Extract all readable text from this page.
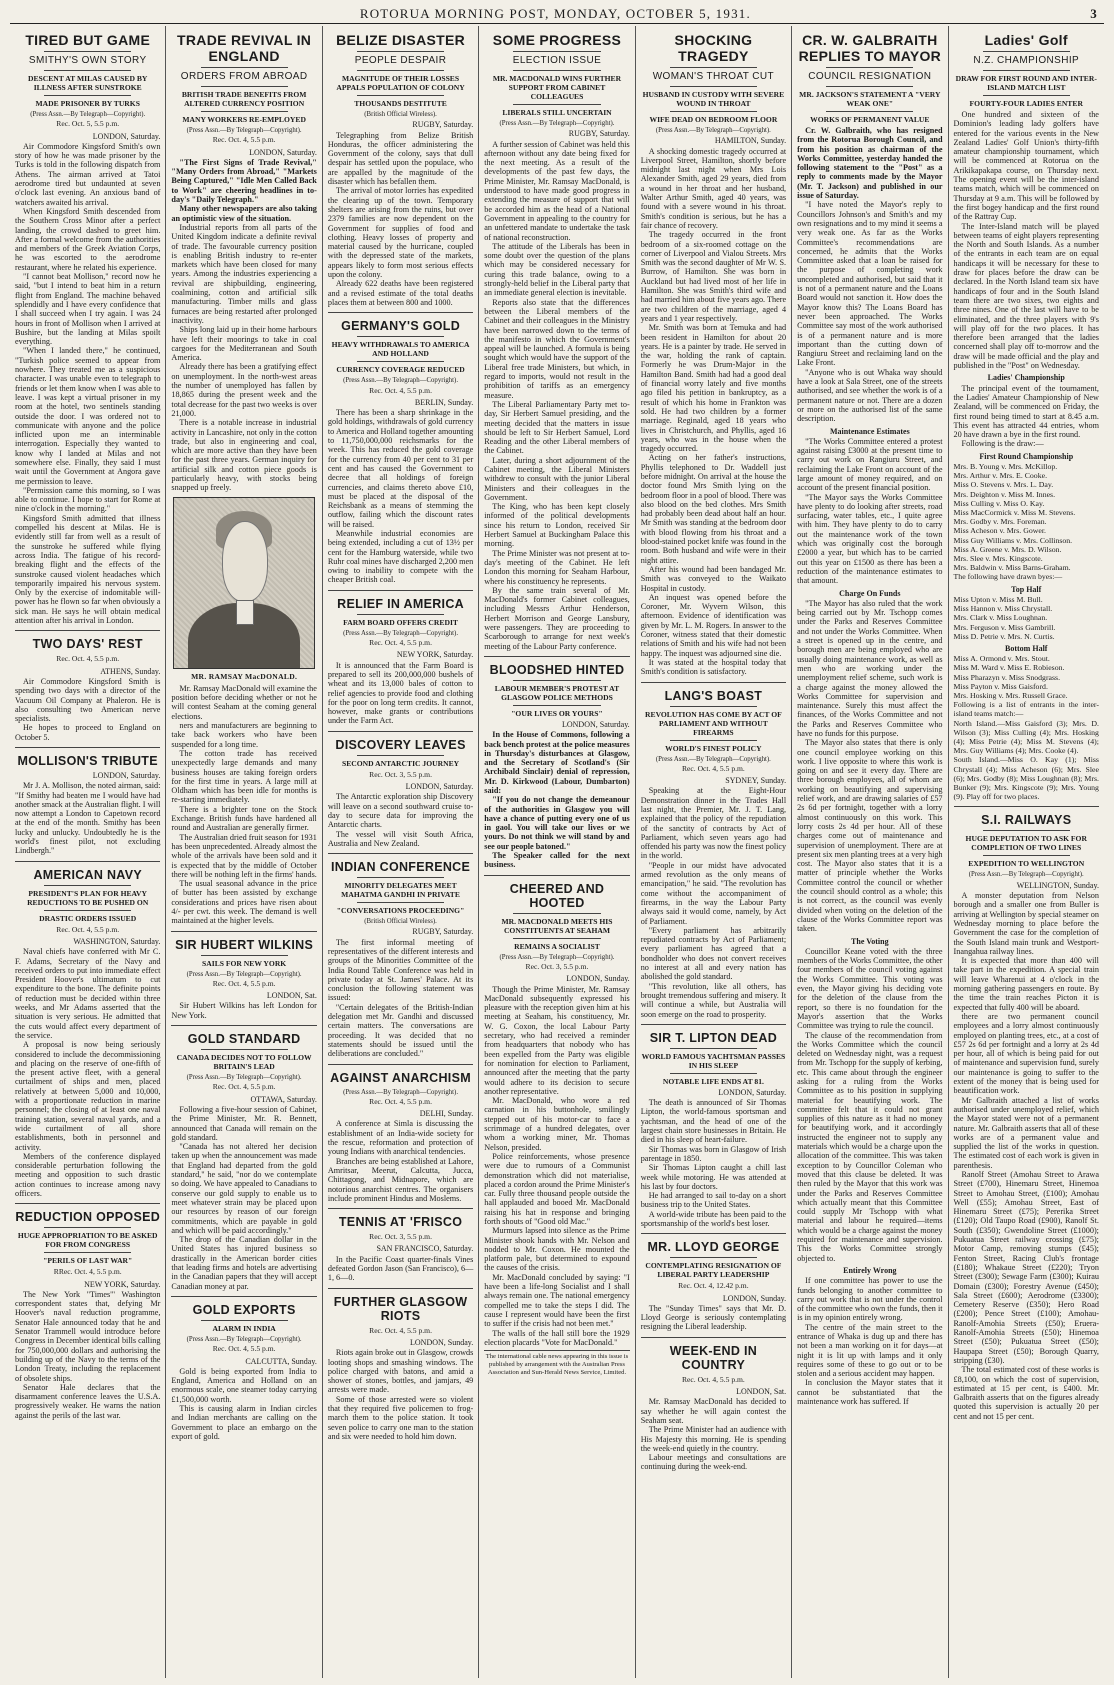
ROTORUA MORNING POST, MONDAY, OCTOBER 5, 1931.	3
TIRED BUT GAME
SMITHY'S OWN STORY
DESCENT AT MILAS CAUSED BY ILLNESS AFTER SUNSTROKE
MADE PRISONER BY TURKS
(Press Assn.—By Telegraph—Copyright).
Rec. Oct. 5, 5.5 p.m.
LONDON, Saturday.

Air Commodore Kingsford Smith's own story of how he was made prisoner by the Turks is told in the following dispatch from Athens. The airman arrived at Tatoi aerodrome tired but undaunted at seven o'clock last evening. An anxious band of watchers awaited his arrival.

When Kingsford Smith descended from the Southern Cross Minor after a perfect landing, the crowd dashed to greet him. After a formal welcome from the authorities and members of the Greek Aviation Corps, he was escorted to the aerodrome restaurant, where he related his experience.

"I cannot beat Mollison," record now he said, "but I intend to beat him in a return flight from England. The machine behaved splendidly and I have every confidence that I shall succeed when I try again. I was 24 hours in front of Mollison when I arrived at Bushire, but the landing at Milas spoilt everything.

"When I landed there," he continued, "Turkish police seemed to appear from nowhere. They treated me as a suspicious character. I was unable even to telegraph to friends or let them know when I was able to leave. I was kept a virtual prisoner in my room at the hotel, two sentinels standing outside the door. I was ordered not to communicate with anyone and the police inflicted upon me an interminable interrogation. Especially they wanted to know why I landed at Milas and not somewhere else. Finally, they said I must wait until the Government at Angora gave me permission to leave.

"Permission came this morning, so I was able to continue. I hope to start for Rome at nine o'clock in the morning."

Kingsford Smith admitted that illness compelled his descent at Milas. He is evidently still far from well as a result of the sunstroke he suffered while flying across India. The fatigue of his record-breaking flight and the effects of the sunstroke caused violent headaches which temporarily impaired his nervous system. Only by the exercise of indomitable will-power has he flown so far when obviously a sick man. He says he will obtain medical attention after his arrival in London.

TWO DAYS' REST
Rec. Oct. 4, 5.5 p.m.
ATHENS, Sunday.

Air Commodore Kingsford Smith is spending two days with a director of the Vacuum Oil Company at Phaleron. He is also consulting two American nerve specialists.

He hopes to proceed to England on October 5.

MOLLISON'S TRIBUTE
LONDON, Saturday.

Mr J. A. Mollison, the noted airman, said: "If Smithy had beaten me I would have had another smack at the Australian flight. I will now attempt a London to Capetown record at the end of the month. Smithy has been lucky and unlucky. Undoubtedly he is the world's finest pilot, not excluding Lindbergh."

AMERICAN NAVY
PRESIDENT'S PLAN FOR HEAVY REDUCTIONS TO BE PUSHED ON
DRASTIC ORDERS ISSUED
Rec. Oct. 4, 5.5 p.m.
WASHINGTON, Saturday.

Naval chiefs have conferred with Mr C. F. Adams, Secretary of the Navy and received orders to put into immediate effect President Hoover's ultimatum to cut expenditure to the bone. The definite points of reduction must be decided within three weeks, and Mr Adams asserted that the situation is very serious. He admitted that the cuts would affect every department of the service.

A proposal is now being seriously considered to include the decommissioning and placing on the reserve of one-fifth of the present active fleet, with a general curtailment of ships and men, placed relatively at between 5,000 and 10,000, with a proportionate reduction in marine personnel; the closing of at least one naval training station, several naval yards, and a wide curtailment of all shore establishments, both in personnel and activity.

Members of the conference displayed considerable perturbation following the meeting and opposition to such drastic action continues to increase among navy officers.

REDUCTION OPPOSED
HUGE APPROPRIATION TO BE ASKED FOR FROM CONGRESS
"PERILS OF LAST WAR"
RRec. Oct. 4, 5.5 p.m.
NEW YORK, Saturday.

The New York "Times'" Washington correspondent states that, defying Mr Hoover's naval reduction programme, Senator Hale announced today that he and Senator Trammell would introduce before Congress in December identical bills calling for 750,000,000 dollars and authorising the building up of the Navy to the terms of the London Treaty, including the replacement of obsolete ships.

Senator Hale declares that the disarmament conference leaves the U.S.A. progressively weaker. He warns the nation against the perils of the last war.

TRADE REVIVAL IN ENGLAND
ORDERS FROM ABROAD
BRITISH TRADE BENEFITS FROM ALTERED CURRENCY POSITION
MANY WORKERS RE-EMPLOYED
(Press Assn.—By Telegraph—Copyright).
Rec. Oct. 4, 5.5 p.m.
LONDON, Saturday.

"The First Signs of Trade Revival," "Many Orders from Abroad," "Markets Being Captured," "Idle Men Called Back to Work" are cheering headlines in to-day's "Daily Telegraph."

Many other newspapers are also taking an optimistic view of the situation.

Industrial reports from all parts of the United Kingdom indicate a definite revival of trade. The favourable currency position is enabling British industry to re-enter markets which have been closed for many years. Among the industries experiencing a revival are shipbuilding, engineering, coalmining, cotton and artificial silk manufacturing. Timber mills and glass furnaces are being restarted after prolonged inactivity.

Ships long laid up in their home harbours have left their moorings to take in coal cargoes for the Mediterranean and South America.

Already there has been a gratifying effect on unemployment. In the north-west areas the number of unemployed has fallen by 18,865 during the present week and the total decrease for the past two weeks is over 21,000.

There is a notable increase in industrial activity in Lancashire, not only in the cotton trade, but also in engineering and coal, which are more active than they have been for the past three years. German inquiry for artificial silk and cotton piece goods is particularly heavy, with stocks being snapped up freely.

MR. RAMSAY MacDONALD.

Mr. Ramsay MacDonald will examine the position before deciding whether or not he will contest Seaham at the coming general elections.

ners and manufacturers are beginning to take back workers who have been suspended for a long time.

The cotton trade has received unexpectedly large demands and many business houses are taking foreign orders for the first time in years. A large mill at Oldham which has been idle for months is re-starting immediately.

There is a brighter tone on the Stock Exchange. British funds have hardened all round and Australian are generally firmer.

The Australian dried fruit season for 1931 has been unprecedented. Already almost the whole of the arrivals have been sold and it is expected that by the middle of October there will be nothing left in the firms' hands.

The usual seasonal advance in the price of butter has been assisted by exchange considerations and prices have risen about 4/- per cwt. this week. The demand is well maintained at the higher levels.

SIR HUBERT WILKINS
SAILS FOR NEW YORK
(Press Assn.—By Telegraph—Copyright).
Rec. Oct. 4, 5.5 p.m.
LONDON, Sat.

Sir Hubert Wilkins has left London for New York.

GOLD STANDARD
CANADA DECIDES NOT TO FOLLOW BRITAIN'S LEAD
(Press Assn.—By Telegraph—Copyright).
Rec. Oct. 4, 5.5 p.m.
OTTAWA, Saturday.

Following a five-hour session of Cabinet, the Prime Minister, Mr. R. Bennett, announced that Canada will remain on the gold standard.

"Canada has not altered her decision taken up when the announcement was made that England had departed from the gold standard," he said, "nor do we contemplate so doing. We have appealed to Canadians to conserve our gold supply to enable us to meet whatever strain may be placed upon our resources by reason of our foreign commitments, which are payable in gold and which will be paid accordingly."

The drop of the Canadian dollar in the United States has injured business so drastically in the American border cities that leading firms and hotels are advertising in the Canadian papers that they will accept Canadian money at par.

GOLD EXPORTS
ALARM IN INDIA
(Press Assn.—By Telegraph—Copyright).
Rec. Oct. 4, 5.5 p.m.
CALCUTTA, Sunday.

Gold is being exported from India to England, America and Holland on an enormous scale, one steamer today carrying £1,500,000 worth.

This is causing alarm in Indian circles and Indian merchants are calling on the Government to place an embargo on the export of gold.

BELIZE DISASTER
PEOPLE DESPAIR
MAGNITUDE OF THEIR LOSSES APPALS POPULATION OF COLONY
THOUSANDS DESTITUTE
(British Official Wireless).
RUGBY, Saturday.

Telegraphing from Belize British Honduras, the officer administering the Government of the colony, says that dull despair has settled upon the populace, who are appalled by the magnitude of the disaster which has befallen them.

The arrival of motor lorries has expedited the clearing up of the town. Temporary shelters are arising from the ruins, but over 2379 families are now dependent on the Government for supplies of food and clothing. Heavy losses of property and material caused by the hurricane, coupled with the depressed state of the markets, appears likely to form most serious effects upon the colony.

Already 622 deaths have been registered and a revised estimate of the total deaths places them at between 800 and 1000.

GERMANY'S GOLD
HEAVY WITHDRAWALS TO AMERICA AND HOLLAND
CURRENCY COVERAGE REDUCED
(Press Assn.—By Telegraph—Copyright).
Rec. Oct. 4, 5.5 p.m.
BERLIN, Sunday.

There has been a sharp shrinkage in the gold holdings, withdrawals of gold currency to America and Holland together amounting to 11,750,000,000 reichsmarks for the week. This has reduced the gold coverage for the currency from 40 per cent to 31 per cent and has caused the Government to decree that all holdings of foreign currencies, and claims thereto above £10, must be placed at the disposal of the Reichsbank as a means of stemming the outflow, failing which the discount rates will be raised.

Meanwhile industrial economies are being extended, including a cut of 13½ per cent for the Hamburg waterside, while two Ruhr coal mines have discharged 2,200 men owing to inability to compete with the cheaper British coal.

RELIEF IN AMERICA
FARM BOARD OFFERS CREDIT
(Press Assn.—By Telegraph—Copyright).
Rec. Oct. 4, 5.5 p.m.
NEW YORK, Saturday.

It is announced that the Farm Board is prepared to sell its 200,000,000 bushels of wheat and its 13,000 bales of cotton to relief agencies to provide food and clothing for the poor on long term credits. It cannot, however, make grants or contributions under the Farm Act.

DISCOVERY LEAVES
SECOND ANTARCTIC JOURNEY
Rec. Oct. 3, 5.5 p.m.
LONDON, Saturday.

The Antarctic exploration ship Discovery will leave on a second southward cruise to-day to secure data for improving the Antarctic charts.

The vessel will visit South Africa, Australia and New Zealand.

INDIAN CONFERENCE
MINORITY DELEGATES MEET MAHATMA GANDHI IN PRIVATE
"CONVERSATIONS PROCEEDING"
(British Official Wireless).
RUGBY, Saturday.

The first informal meeting of representatives of the different interests and groups of the Minorities Committee of the India Round Table Conference was held in private today at St. James' Palace. At its conclusion the following statement was issued:

"Certain delegates of the British-Indian delegation met Mr. Gandhi and discussed certain matters. The conversations are proceeding. It was decided that no statements should be issued until the deliberations are concluded."

AGAINST ANARCHISM
(Press Assn.—By Telegraph—Copyright).
Rec. Oct. 4, 5.5 p.m.
DELHI, Sunday.

A conference at Simla is discussing the establishment of an India-wide society for the rescue, reformation and protection of young Indians with anarchical tendencies.

Branches are being established at Lahore, Amritsar, Meerut, Calcutta, Jucca, Chittagong, and Midnapore, which are notorious anarchist centres. The organisers include prominent Hindus and Moslems.

TENNIS AT 'FRISCO
Rec. Oct. 3, 5.5 p.m.
SAN FRANCISCO, Saturday.

In the Pacific Coast quarter-finals Vines defeated Gordon Jason (San Francisco), 6—1, 6—0.

FURTHER GLASGOW RIOTS
Rec. Oct. 4, 5.5 p.m.
LONDON, Sunday.

Riots again broke out in Glasgow, crowds looting shops and smashing windows. The police charged with batons, and amid a shower of stones, bottles, and jamjars, 49 arrests were made.

Some of those arrested were so violent that they required five policemen to frog-march them to the police station. It took seven police to carry one man to the station and six were needed to hold him down.

SOME PROGRESS
ELECTION ISSUE
MR. MACDONALD WINS FURTHER SUPPORT FROM CABINET COLLEAGUES
LIBERALS STILL UNCERTAIN
(Press Assn.—By Telegraph—Copyright).
RUGBY, Saturday.

A further session of Cabinet was held this afternoon without any date being fixed for the next meeting. As a result of the developments of the past few days, the Prime Minister, Mr. Ramsay MacDonald, is understood to have made good progress in extending the measure of support that will be accorded him as the head of a National Government in appealing to the country for an unfettered mandate to undertake the task of national reconstruction.

The attitude of the Liberals has been in some doubt over the question of the plans which may be considered necessary for curing this trade balance, owing to a strongly-held belief in the Liberal party that an immediate general election is inevitable.

Reports also state that the differences between the Liberal members of the Cabinet and their colleagues in the Ministry have been narrowed down to the terms of the manifesto in which the Government's appeal will be launched. A formula is being sought which would have the support of the Liberal free trade Ministers, but which, in regard to imports, would not result in the prohibition of tariffs as an emergency measure.

The Liberal Parliamentary Party met to-day, Sir Herbert Samuel presiding, and the meeting decided that the matters in issue should be left to Sir Herbert Samuel, Lord Reading and the other Liberal members of the Cabinet.

Later, during a short adjournment of the Cabinet meeting, the Liberal Ministers withdrew to consult with the junior Liberal Ministers and their colleagues in the Government.

The King, who has been kept closely informed of the political developments since his return to London, received Sir Herbert Samuel at Buckingham Palace this morning.

The Prime Minister was not present at to-day's meeting of the Cabinet. He left London this morning for Seaham Harbour, where his constituency he represents.

By the same train several of Mr. MacDonald's former Cabinet colleagues, including Messrs Arthur Henderson, Herbert Morrison and George Lansbury, were passengers. They are proceeding to Scarborough to arrange for next week's meeting of the Labour Party conference.

BLOODSHED HINTED
LABOUR MEMBER'S PROTEST AT GLASGOW POLICE METHODS
"OUR LIVES OR YOURS"
LONDON, Saturday.

In the House of Commons, following a back bench protest at the police measures in Thursday's disturbances at Glasgow, and the Secretary of Scotland's (Sir Archibald Sinclair) denial of repression, Mr. D. Kirkwood (Labour, Dumbarton) said:

"If you do not change the demeanour of the authorities in Glasgow you will have a chance of putting every one of us in gaol. You will take our lives or we yours. Do not think we will stand by and see our people batoned."

The Speaker called for the next business.

CHEERED AND HOOTED
MR. MACDONALD MEETS HIS CONSTITUENTS AT SEAHAM
REMAINS A SOCIALIST
(Press Assn.—By Telegraph—Copyright).
Rec. Oct. 3, 5.5 p.m.
LONDON, Sunday.

Though the Prime Minister, Mr. Ramsay MacDonald subsequently expressed his pleasure with the reception given him at his meeting at Seaham, his constituency, Mr. W. G. Coxon, the local Labour Party secretary, who had received a reminder from headquarters that nobody who has been expelled from the Party was eligible for nomination for election to Parliament, announced after the meeting that the party would adhere to its decision to secure another representative.

Mr. MacDonald, who wore a red carnation in his buttonhole, smilingly stepped out of his motor-car to face a scrimmage of a hundred delegates, over whom a working miner, Mr. Thomas Nelson, presided.

Police reinforcements, whose presence were due to rumours of a Communist demonstration which did not materialise, placed a cordon around the Prime Minister's car. Fully three thousand people outside the hall applauded and booed Mr. MacDonald raising his hat in response and bringing forth shouts of "Good old Mac."

Murmurs lapsed into silence as the Prime Minister shook hands with Mr. Nelson and nodded to Mr. Coxon. He mounted the platform pale, but determined to expound the causes of the crisis.

Mr. MacDonald concluded by saying: "I have been a life-long Socialist and I shall always remain one. The national emergency compelled me to take the steps I did. The cause I represent would have been the first to suffer if the crisis had not been met."

The walls of the hall still bore the 1929 election placards "Vote for MacDonald."

The international cable news appearing in this issue is published by arrangement with the Australian Press Association and Sun-Herald News Service, Limited.
SHOCKING TRAGEDY
WOMAN'S THROAT CUT
HUSBAND IN CUSTODY WITH SEVERE WOUND IN THROAT
WIFE DEAD ON BEDROOM FLOOR
(Press Assn.—By Telegraph—Copyright).
HAMILTON, Sunday.

A shocking domestic tragedy occurred at Liverpool Street, Hamilton, shortly before midnight last night when Mrs Lois Alexander Smith, aged 29 years, died from a wound in her throat and her husband, Walter Arthur Smith, aged 40 years, was found with a severe wound in his throat. Smith's condition is serious, but he has a fair chance of recovery.

The tragedy occurred in the front bedroom of a six-roomed cottage on the corner of Liverpool and Vialou Streets. Mrs Smith was the second daughter of Mr W. S. Burrow, of Hamilton. She was born in Auckland but had lived most of her life in Hamilton. She was Smith's third wife and had married him about five years ago. There are two children of the marriage, aged 4 years and 1 year respectively.

Mr. Smith was born at Temuka and had been resident in Hamilton for about 20 years. He is a painter by trade. He served in the war, holding the rank of captain. Formerly he was Drum-Major in the Hamilton Band. Smith had had a good deal of financial worry lately and five months ago filed his petition in bankruptcy, as a result of which his home in Frankton was sold. He had two children by a former marriage. Reginald, aged 18 years who lives in Christchurch, and Phyllis, aged 16 years, who was in the house when the tragedy occurred.

Acting on her father's instructions, Phyllis telephoned to Dr. Waddell just before midnight. On arrival at the house the doctor found Mrs Smith lying on the bedroom floor in a pool of blood. There was also blood on the bed clothes. Mrs Smith had probably been dead about half an hour. Mr Smith was standing at the bedroom door with blood flowing from his throat and a blood-stained pocket knife was found in the room. Both husband and wife were in their night attire.

After his wound had been bandaged Mr. Smith was conveyed to the Waikato Hospital in custody.

An inquest was opened before the Coroner, Mr. Wyvern Wilson, this afternoon. Evidence of identification was given by Mr. L. M. Rogers. In answer to the Coroner, witness stated that their domestic relations of Smith and his wife had not been happy. The inquest was adjourned sine die.

It was stated at the hospital today that Smith's condition is satisfactory.

LANG'S BOAST
REVOLUTION HAS COME BY ACT OF PARLIAMENT AND WITHOUT FIREARMS
WORLD'S FINEST POLICY
(Press Assn.—By Telegraph—Copyright).
Rec. Oct. 4, 5.5 p.m.
SYDNEY, Sunday.

Speaking at the Eight-Hour Demonstration dinner in the Trades Hall last night, the Premier, Mr. J. T. Lang, explained that the policy of the repudiation of the sanctity of contracts by Act of Parliament, which seven years ago had offended his party was now the finest policy in the world.

"People in our midst have advocated armed revolution as the only means of emancipation," he said. "The revolution has come without the accompaniment of firearms, in the way the Labour Party always said it would come, namely, by Act of Parliament.

"Every parliament has arbitrarily repudiated contracts by Act of Parliament; every parliament has agreed that a bondholder who does not convert receives no interest at all and every nation has abolished the gold standard.

"This revolution, like all others, has brought tremendous suffering and misery. It will continue a while, but Australia will soon emerge on the road to prosperity.

SIR T. LIPTON DEAD
WORLD FAMOUS YACHTSMAN PASSES IN HIS SLEEP
NOTABLE LIFE ENDS AT 81.
LONDON, Saturday.

The death is announced of Sir Thomas Lipton, the world-famous sportsman and yachtsman, and the head of one of the largest chain store businesses in Britain. He died in his sleep of heart-failure.

Sir Thomas was born in Glasgow of Irish parentage in 1850.

Sir Thomas Lipton caught a chill last week while motoring. He was attended at his last by four doctors.

He had arranged to sail to-day on a short business trip to the United States.

A world-wide tribute has been paid to the sportsmanship of the world's best loser.

MR. LLOYD GEORGE
CONTEMPLATING RESIGNATION OF LIBERAL PARTY LEADERSHIP
Rec. Oct. 4, 12.42 p.m.
LONDON, Sunday.

The "Sunday Times" says that Mr. D. Lloyd George is seriously contemplating resigning the Liberal leadership.

WEEK-END IN COUNTRY
Rec. Oct. 4, 5.5 p.m.
LONDON, Sat.

Mr. Ramsay MacDonald has decided to say whether he will again contest the Seaham seat.

The Prime Minister had an audience with His Majesty this morning. He is spending the week-end quietly in the country.

Labour meetings and consultations are continuing during the week-end.

CR. W. GALBRAITH REPLIES TO MAYOR
COUNCIL RESIGNATION
MR. JACKSON'S STATEMENT A "VERY WEAK ONE"
WORKS OF PERMANENT VALUE

Cr. W. Galbraith, who has resigned from the Rotorua Borough Council, and from his position as chairman of the Works Committee, yesterday handed the following statement to the "Post" as a reply to comments made by the Mayor (Mr. T. Jackson) and published in our issue of Saturday.

"I have noted the Mayor's reply to Councillors Johnson's and Smith's and my own resignations and to my mind it seems a very weak one. As far as the Works Committee's recommendations are concerned, he admits that the Works Committee asked that a loan be raised for the purpose of completing work uncompleted and authorised, but said that it is not of a permanent nature and the Loans Board would not sanction it. How does the Mayor know this? The Loans Board has never been approached. The Works Committee say most of the work authorised is of a permanent nature and is more important than the cutting down of Rangiuru Street and reclaiming land on the Lake Front.

"Anyone who is out Whaka way should have a look at Sala Street, one of the streets authorised, and see whether the work is of a permanent nature or not. There are a dozen or more on the authorised list of the same description.

Maintenance Estimates

"The Works Committee entered a protest against raising £3000 at the present time to carry out work on Rangiuru Street, and reclaiming the Lake Front on account of the large amount of money required, and on account of the present financial position.

"The Mayor says the Works Committee have plenty to do looking after streets, road surfacing, water tables, etc., I quite agree with him. They have plenty to do to carry out the maintenance work of the town which was originally cost the borough £2000 a year, but which has to be carried out this year on £1500 as there has been a reduction of the maintenance estimates to that amount.

Charge On Funds

"The Mayor has also ruled that the work being carried out by Mr. Tschopp comes under the Parks and Reserves Committee and not under the Works Committee. When a street is opened up in the centre, and borough men are being employed who are usually doing maintenance work, as well as men who are working under the unemployment relief scheme, such work is a charge against the money allowed the Works Committee for supervision and maintenance. Surely this must affect the finances, of the Works Committee and not the Parks and Reserves Committee who have no funds for this purpose.

The Mayor also states that there is only one council employee working on this work. I live opposite to where this work is going on and see it every day. There are three borough employees, all of whom are working on beautifying and supervising relief work, and are drawing salaries of £57 2s 6d per fortnight, together with a lorry almost continuously on this work. This lorry costs 2s 4d per hour. All of these charges come out of maintenance and supervision of unemployment. There are at present six men planting trees at a very high cost. The Mayor also states that it is a matter of principle whether the Works Committee control the council or whether the council should control as a whole; this is not correct, as the council was evenly divided when voting on the deletion of the clause of the Works Committee report was taken.

The Voting

Councillor Keane voted with the three members of the Works Committee, the other four members of the council voting against the Works Committee. This voting was even, the Mayor giving his deciding vote for the deletion of the clause from the report, so there is no foundation for the Mayor's assertion that the Works Committee was trying to rule the council.

The clause of the recommendation from the Works Committee which the council deleted on Wednesday night, was a request from Mr. Tschopp for the supply of kerbing, etc. This came about through the engineer asking for a ruling from the Works Committee as to his position in supplying material for beautifying work. The committee felt that it could not grant supplies of this nature as it had no money for beautifying work, and it accordingly instructed the engineer not to supply any materials which would be a charge upon the allocation of the committee. This was taken exception to by Councillor Coleman who moved that this clause be deleted. It was then ruled by the Mayor that this work was under the Parks and Reserves Committee which actually meant that this Committee could supply Mr Tschopp with what material and labour he required—items which would be a charge against the money required for maintenance and supervision. This the Works Committee strongly objected to.

Entirely Wrong

If one committee has power to use the funds belonging to another committee to carry out work that is not under the control of the committee who own the funds, then it is in my opinion entirely wrong.

The centre of the main street to the entrance of Whaka is dug up and there has not been a man working on it for days—at night it is lit up with lamps and it only requires some of these to go out or to be stolen and a serious accident may happen.

In conclusion the Mayor states that it cannot be substantiated that the maintenance work has suffered. If

Ladies' Golf
N.Z. CHAMPIONSHIP
DRAW FOR FIRST ROUND AND INTER-ISLAND MATCH LIST
FOURTY-FOUR LADIES ENTER

One hundred and sixteen of the Dominion's leading lady golfers have entered for the various events in the New Zealand Ladies' Golf Union's thirty-fifth amateur championship tournament, which will be commenced at Rotorua on the Arikikapakapa course, on Thursday next. The opening event will be the inter-island teams match, which will be commenced on Thursday at 9 a.m. This will be followed by the first bogey handicap and the first round of the Rattray Cup.

The Inter-Island match will be played between teams of eight players representing the North and South Islands. As a number of the entrants in each team are on equal handicaps it will be necessary for these to draw for places before the draw can be declared. In the North Island team six have handicaps of four and in the South Island team there are two sixes, two eights and three nines. One of the last will have to be eliminated, and the three players with 9's will play off for the two places. It has therefore been arranged that the ladies concerned shall play off to-morrow and the draw will be made official and the play and published in the "Post" on Wednesday.

Ladies' Championship

The principal event of the tournament, the Ladies' Amateur Championship of New Zealand, will be commenced on Friday, the first round being timed to start at 8.45 a.m. This event has attracted 44 entries, whom 20 have drawn a bye in the first round.

Following is the draw:—

First Round Championship
Mrs. B. Young v. Mrs. McKillop.
Mrs. Arthur v. Mrs. E. Cooke.
Miss O. Stevens v. Mrs. L. Day.
Mrs. Deighton v. Miss M. Innes.
Miss Culling v. Miss O. Kay.
Miss MacCormick v. Miss M. Stevens.
Mrs. Godby v. Mrs. Foreman.
Miss Acheson v. Mrs. Gower.
Miss Guy Williams v. Mrs. Collinson.
Miss A. Greene v. Mrs. D. Wilson.
Mrs. Slee v. Mrs. Kingscote.
Mrs. Baldwin v. Miss Barns-Graham.
The following have drawn byes:—
Top Half
Miss Upton v. Miss M. Bull.
Miss Hannon v. Miss Chrystall.
Mrs. Clark v. Miss Loughnan.
Mrs. Ferguson v. Miss Gambrill.
Miss D. Petrie v. Mrs. N. Curtis.
Bottom Half
Miss A. Ormond v. Mrs. Stout.
Miss M. Ward v. Miss E. Robieson.
Miss Pharazyn v. Miss Snodgrass.
Miss Payton v. Miss Gaisford.
Mrs. Hosking v. Mrs. Russell Grace.
Following is a list of entrants in the inter-island teams match:—
North Island.—Miss Gaisford (3); Mrs. D. Wilson (3); Miss Culling (4); Mrs. Hosking (4); Miss Petrie (4); Miss M. Stevens (4); Mrs. Guy Williams (4); Mrs. Cooke (4).
South Island.—Miss O. Kay (1); Miss Chrystall (4); Miss Acheson (6); Mrs. Slee (6); Mrs. Godby (8); Miss Loughnan (8); Mrs. Bunker (9); Mrs. Kingscote (9); Mrs. Young (9). Play off for two places.
S.I. RAILWAYS
HUGE DEPUTATION TO ASK FOR COMPLETION OF TWO LINES
EXPEDITION TO WELLINGTON
(Press Assn.—By Telegraph—Copyright).
WELLINGTON, Sunday.

A monster deputation from Nelson borough and a smaller one from Buller is arriving at Wellington by special steamer on Wednesday morning to place before the Government the case for the completion of the South Island main trunk and Westport-Inangahua railway lines.

It is expected that more than 400 will take part in the expedition. A special train will leave Wharenui at 4 o'clock in the morning gathering passengers en route. By the time the train reaches Picton it is expected that fully 400 will be aboard.

there are two permanent council employees and a lorry almost continuously employed on planting trees, etc., at a cost of £57 2s 6d per fortnight and a lorry at 2s 4d per hour, all of which is being paid for out of maintenance and supervision fund, surely our maintenance is going to suffer to the extent of the money that is being used for beautification work.

Mr Galbraith attached a list of works authorised under unemployed relief, which the Mayor stated were not of a permanent nature. Mr. Galbraith asserts that all of these works are of a permanent value and supplied the list of the works in question. The estimated cost of each work is given in parenthesis.

Ranolf Street (Amohau Street to Arawa Street (£700), Hinemaru Street, Hinemoa Street to Amohau Street, (£100); Amohau Well (£55); Amohau Street, East of Hinemaru Street (£75); Pererika Street (£120); Old Taupo Road (£900), Ranolf St. South (£350); Gwendoline Street (£1000); Pukuatua Street railway crossing (£75); Motor Camp, removing stumps (£45); Fenton Street, Racing Club's frontage (£180); Whakaue Street (£220); Tryon Street (£300); Sewage Farm (£300); Kuirau Domain (£300); Forestry Avenue (£450); Sala Street (£600); Aerodrome (£3300); Cemetery Reserve (£350); Hero Road (£200); Pence Street (£100); Amohau-Ranolf-Amohia Streets (£50); Eruera-Ranolf-Amohia Streets (£50); Hinemoa Street (£50); Pukuatua Street (£50); Haupapa Street (£50); Borough Quarry, stripping (£30).

The total estimated cost of these works is £8,100, on which the cost of supervision, estimated at 15 per cent, is £400. Mr. Galbraith asserts that on the figures already quoted this supervision is actually 20 per cent and not 15 per cent.
